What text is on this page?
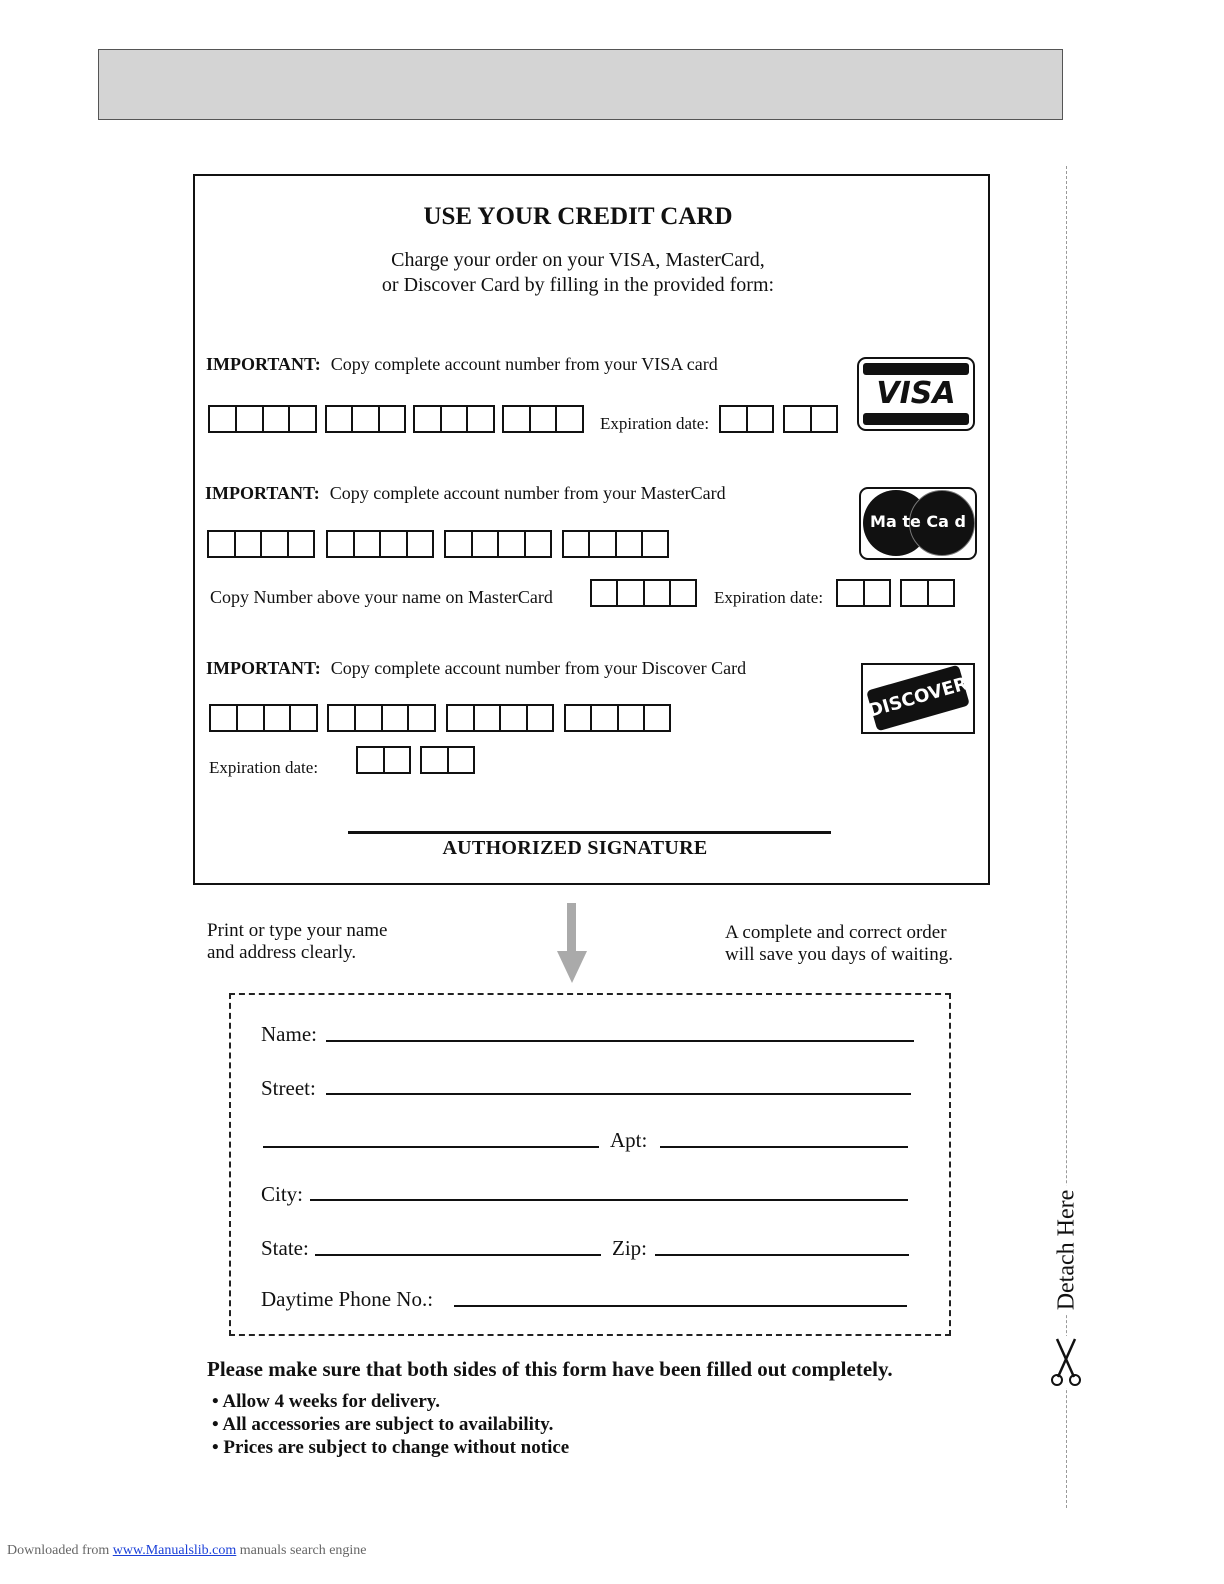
USE YOUR CREDIT CARD
Charge your order on your VISA, MasterCard,
or Discover Card by filling in the provided form:
IMPORTANT: Copy complete account number from your VISA card
Expiration date:
VISA
IMPORTANT: Copy complete account number from your MasterCard
Copy Number above your name on MasterCard	Expiration date:
Ma te Ca d
IMPORTANT: Copy complete account number from your Discover Card
Expiration date:
DISCOVER
AUTHORIZED SIGNATURE
Print or type your name
and address clearly.
A complete and correct order
will save you days of waiting.
Name:
Street:
Apt:
City:
State:	Zip:
Daytime Phone No.:
Please make sure that both sides of this form have been filled out completely.
• Allow 4 weeks for delivery.
• All accessories are subject to availability.
• Prices are subject to change without notice
Detach Here
Downloaded from www.Manualslib.com manuals search engine
